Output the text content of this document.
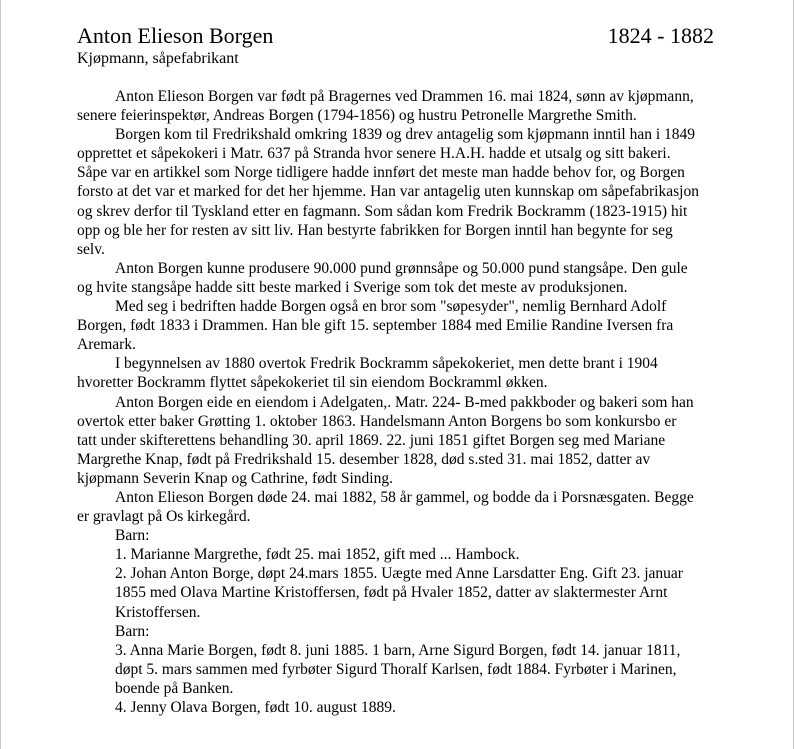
Anton Elieson Borgen	1824 - 1882
Kjøpmann, såpefabrikant
Anton Elieson Borgen var født på Bragernes ved Drammen 16. mai 1824, sønn av kjøpmann,
senere feierinspektør, Andreas Borgen (1794-1856) og hustru Petronelle Margrethe Smith.
Borgen kom til Fredrikshald omkring 1839 og drev antagelig som kjøpmann inntil han i 1849
opprettet et såpekokeri i Matr. 637 på Stranda hvor senere H.A.H. hadde et utsalg og sitt bakeri.
Såpe var en artikkel som Norge tidligere hadde innført det meste man hadde behov for, og Borgen
forsto at det var et marked for det her hjemme. Han var antagelig uten kunnskap om såpefabrikasjon
og skrev derfor til Tyskland etter en fagmann. Som sådan kom Fredrik Bockramm (1823-1915) hit
opp og ble her for resten av sitt liv. Han bestyrte fabrikken for Borgen inntil han begynte for seg
selv.
Anton Borgen kunne produsere 90.000 pund grønnsåpe og 50.000 pund stangsåpe. Den gule
og hvite stangsåpe hadde sitt beste marked i Sverige som tok det meste av produksjonen.
Med seg i bedriften hadde Borgen også en bror som "søpesyder", nemlig Bernhard Adolf
Borgen, født 1833 i Drammen. Han ble gift 15. september 1884 med Emilie Randine Iversen fra
Aremark.
I begynnelsen av 1880 overtok Fredrik Bockramm såpekokeriet, men dette brant i 1904
hvoretter Bockramm flyttet såpekokeriet til sin eiendom Bockramml økken.
Anton Borgen eide en eiendom i Adelgaten,. Matr. 224- B-med pakkboder og bakeri som han
overtok etter baker Grøtting 1. oktober 1863. Handelsmann Anton Borgens bo som konkursbo er
tatt under skifterettens behandling 30. april 1869. 22. juni 1851 giftet Borgen seg med Mariane
Margrethe Knap, født på Fredrikshald 15. desember 1828, død s.sted 31. mai 1852, datter av
kjøpmann Severin Knap og Cathrine, født Sinding.
Anton Elieson Borgen døde 24. mai 1882, 58 år gammel, og bodde da i Porsnæsgaten. Begge
er gravlagt på Os kirkegård.
Barn:
1. Marianne Margrethe, født 25. mai 1852, gift med ... Hambock.
2. Johan Anton Borge, døpt 24.mars 1855. Uægte med Anne Larsdatter Eng. Gift 23. januar
1855 med Olava Martine Kristoffersen, født på Hvaler 1852, datter av slaktermester Arnt
Kristoffersen.
Barn:
3. Anna Marie Borgen, født 8. juni 1885. 1 barn, Arne Sigurd Borgen, født 14. januar 1811,
døpt 5. mars sammen med fyrbøter Sigurd Thoralf Karlsen, født 1884. Fyrbøter i Marinen,
boende på Banken.
4. Jenny Olava Borgen, født 10. august 1889.
